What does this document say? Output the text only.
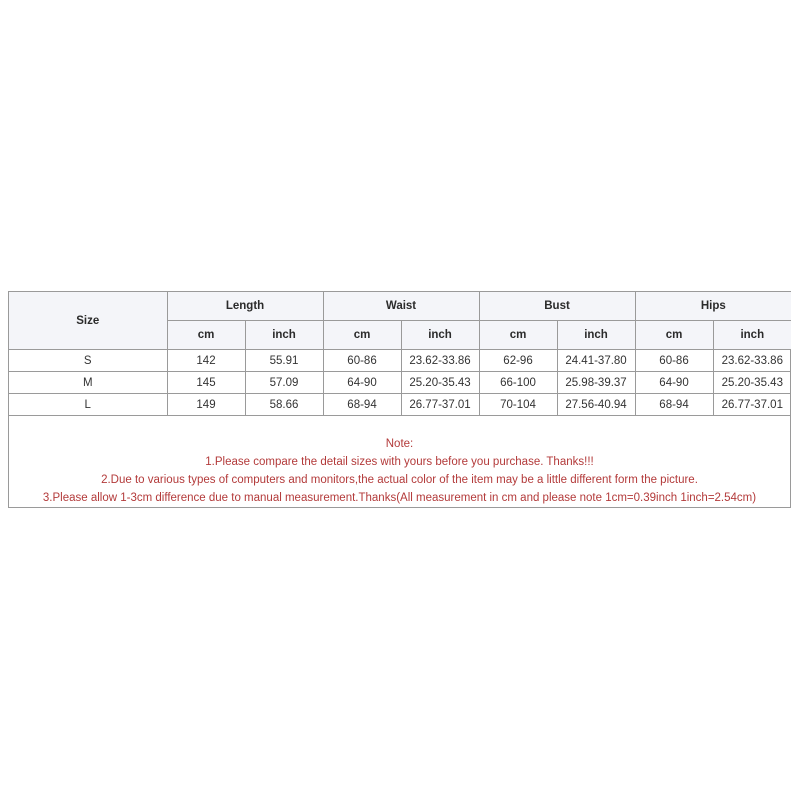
Size	Length		Waist		Bust		Hips	
	cm	inch	cm	inch	cm	inch	cm	inch
S	142	55.91	60-86	23.62-33.86	62-96	24.41-37.80	60-86	23.62-33.86
M	145	57.09	64-90	25.20-35.43	66-100	25.98-39.37	64-90	25.20-35.43
L	149	58.66	68-94	26.77-37.01	70-104	27.56-40.94	68-94	26.77-37.01
Note:
1.Please compare the detail sizes with yours before you purchase. Thanks!!!
2.Due to various types of computers and monitors,the actual color of the item may be a little different form the picture.
3.Please allow 1-3cm difference due to manual measurement.Thanks(All measurement in cm and please note 1cm=0.39inch 1inch=2.54cm)
